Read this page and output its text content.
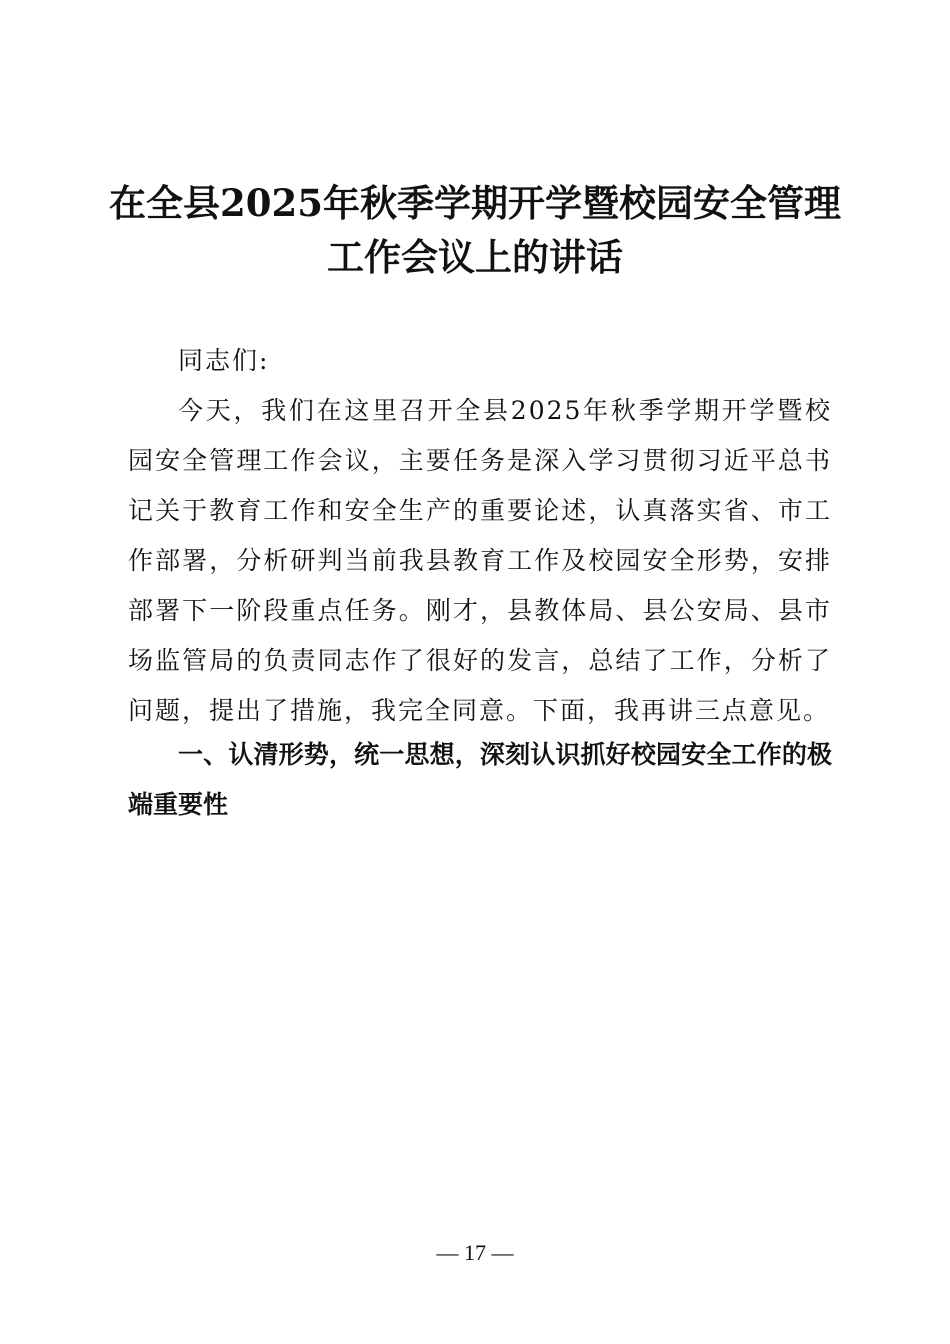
在全县2025年秋季学期开学暨校园安全管理
工作会议上的讲话

同志们:

今天，我们在这里召开全县2025年秋季学期开学暨校园安全管理工作会议，主要任务是深入学习贯彻习近平总书记关于教育工作和安全生产的重要论述，认真落实省、市工作部署，分析研判当前我县教育工作及校园安全形势，安排部署下一阶段重点任务。刚才，县教体局、县公安局、县市场监管局的负责同志作了很好的发言，总结了工作，分析了问题，提出了措施，我完全同意。下面，我再讲三点意见。

一、认清形势，统一思想，深刻认识抓好校园安全工作的极端重要性
— 17 —
